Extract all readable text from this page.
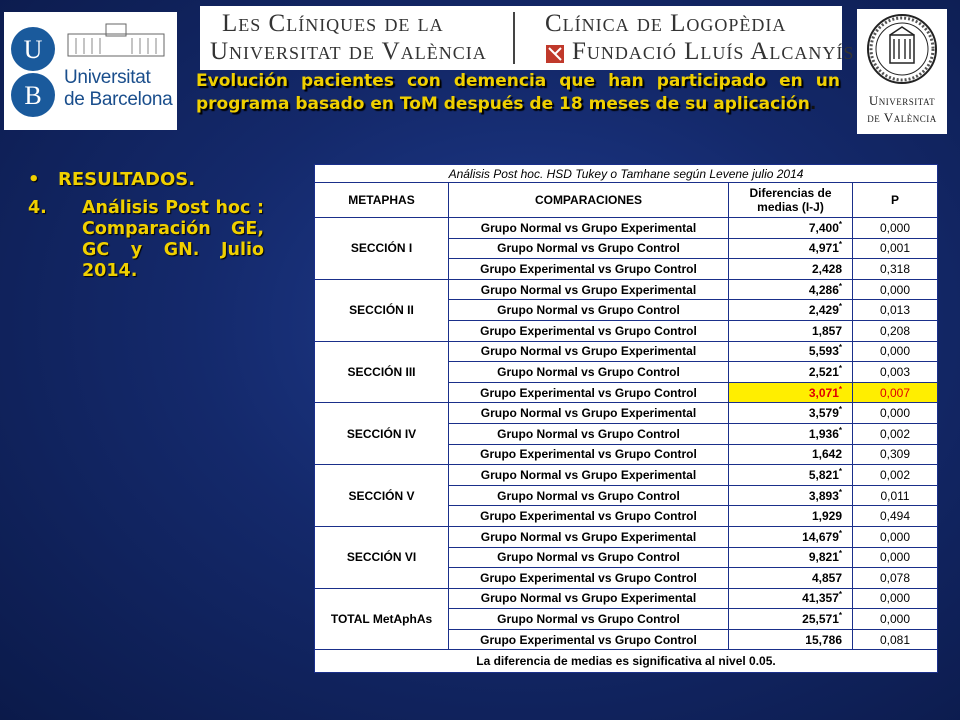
U
B
Universitat
de Barcelona
Les Clíniques de la
Universitat de València
Clínica de Logopèdia
Fundació Lluís Alcanyís
Universitat
de València
Evolución pacientes con demencia que han participado en un programa basado en ToM después de 18 meses de su aplicación.
• RESULTADOS.
4.	Análisis Post hoc : Comparación GE, GC y GN. Julio 2014.
Análisis Post hoc. HSD Tukey o Tamhane según Levene julio 2014			
METAPHAS	COMPARACIONES	Diferencias de medias (I-J)	P
SECCIÓN I	Grupo Normal vs Grupo Experimental	7,400*	0,000
	Grupo Normal vs Grupo Control	4,971*	0,001
	Grupo Experimental vs Grupo Control	2,428	0,318
SECCIÓN II	Grupo Normal vs Grupo Experimental	4,286*	0,000
	Grupo Normal vs Grupo Control	2,429*	0,013
	Grupo Experimental vs Grupo Control	1,857	0,208
SECCIÓN III	Grupo Normal vs Grupo Experimental	5,593*	0,000
	Grupo Normal vs Grupo Control	2,521*	0,003
	Grupo Experimental vs Grupo Control	3,071*	0,007
SECCIÓN IV	Grupo Normal vs Grupo Experimental	3,579*	0,000
	Grupo Normal vs Grupo Control	1,936*	0,002
	Grupo Experimental vs Grupo Control	1,642	0,309
SECCIÓN V	Grupo Normal vs Grupo Experimental	5,821*	0,002
	Grupo Normal vs Grupo Control	3,893*	0,011
	Grupo Experimental vs Grupo Control	1,929	0,494
SECCIÓN VI	Grupo Normal vs Grupo Experimental	14,679*	0,000
	Grupo Normal vs Grupo Control	9,821*	0,000
	Grupo Experimental vs Grupo Control	4,857	0,078
TOTAL MetAphAs	Grupo Normal vs Grupo Experimental	41,357*	0,000
	Grupo Normal vs Grupo Control	25,571*	0,000
	Grupo Experimental vs Grupo Control	15,786	0,081
La diferencia de medias es significativa al nivel 0.05.			
